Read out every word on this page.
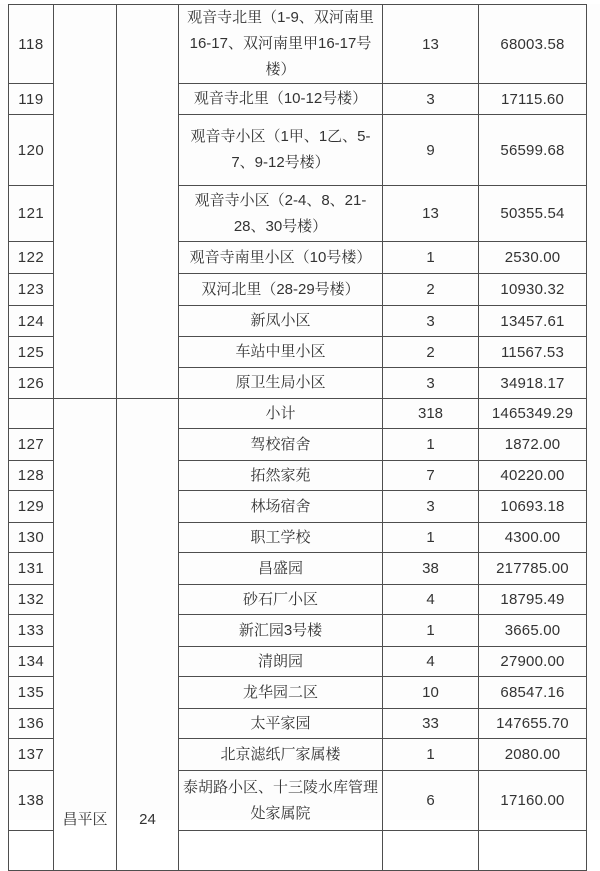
118			观音寺北里（1-9、双河南里16-17、双河南里甲16-17号楼）	13	68003.58
119			观音寺北里（10-12号楼）	3	17115.60
120			观音寺小区（1甲、1乙、5-7、9-12号楼）	9	56599.68
121			观音寺小区（2-4、8、21-28、30号楼）	13	50355.54
122			观音寺南里小区（10号楼）	1	2530.00
123			双河北里（28-29号楼）	2	10930.32
124			新凤小区	3	13457.61
125			车站中里小区	2	11567.53
126			原卫生局小区	3	34918.17

	昌平区	24	小计	318	1465349.29
127			驾校宿舍	1	1872.00
128			拓然家苑	7	40220.00
129			林场宿舍	3	10693.18
130			职工学校	1	4300.00
131			昌盛园	38	217785.00
132			砂石厂小区	4	18795.49
133			新汇园3号楼	1	3665.00
134			清朗园	4	27900.00
135			龙华园二区	10	68547.16
136			太平家园	33	147655.70
137			北京滤纸厂家属楼	1	2080.00
138			泰胡路小区、十三陵水库管理处家属院	6	17160.00
